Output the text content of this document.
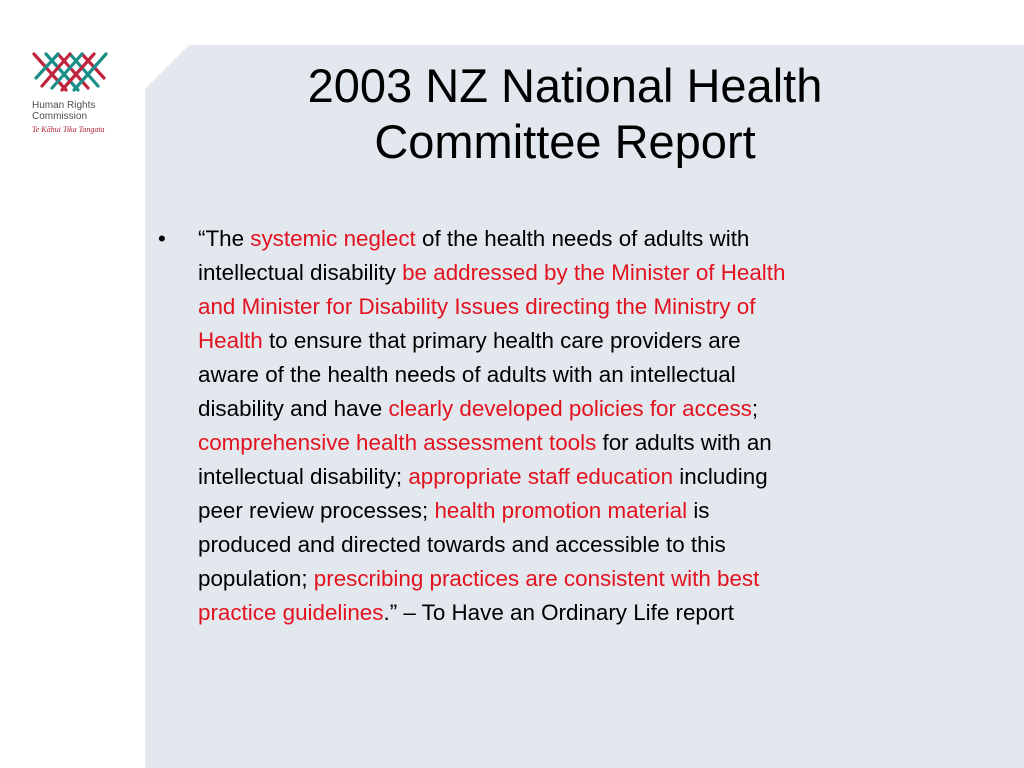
Human Rights
Commission
Te Kāhui Tika Tangata
2003 NZ National Health
Committee Report
• “The systemic neglect of the health needs of adults with
intellectual disability be addressed by the Minister of Health
and Minister for Disability Issues directing the Ministry of
Health to ensure that primary health care providers are
aware of the health needs of adults with an intellectual
disability and have clearly developed policies for access;
comprehensive health assessment tools for adults with an
intellectual disability; appropriate staff education including
peer review processes; health promotion material is
produced and directed towards and accessible to this
population; prescribing practices are consistent with best
practice guidelines.” – To Have an Ordinary Life report
